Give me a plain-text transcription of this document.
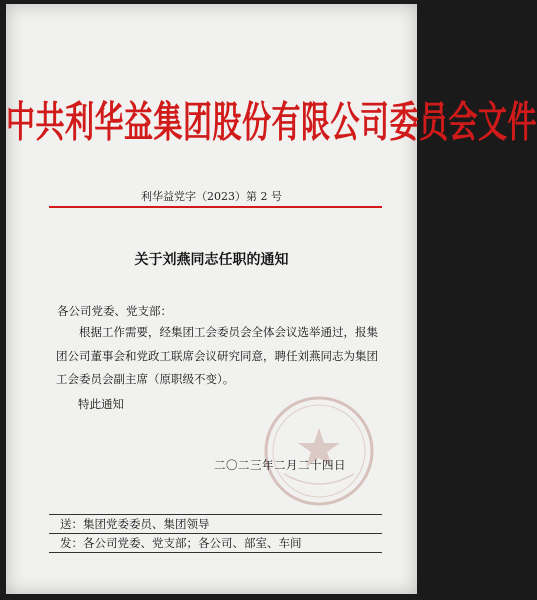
中共利华益集团股份有限公司委员会文件
利华益党字（2023）第 2 号
关于刘燕同志任职的通知
各公司党委、党支部：
根据工作需要，经集团工会委员会全体会议选举通过，报集团公司董事会和党政工联席会议研究同意，聘任刘燕同志为集团工会委员会副主席（原职级不变）。
特此通知
二〇二三年二月二十四日
送：集团党委委员、集团领导
发：各公司党委、党支部；各公司、部室、车间
